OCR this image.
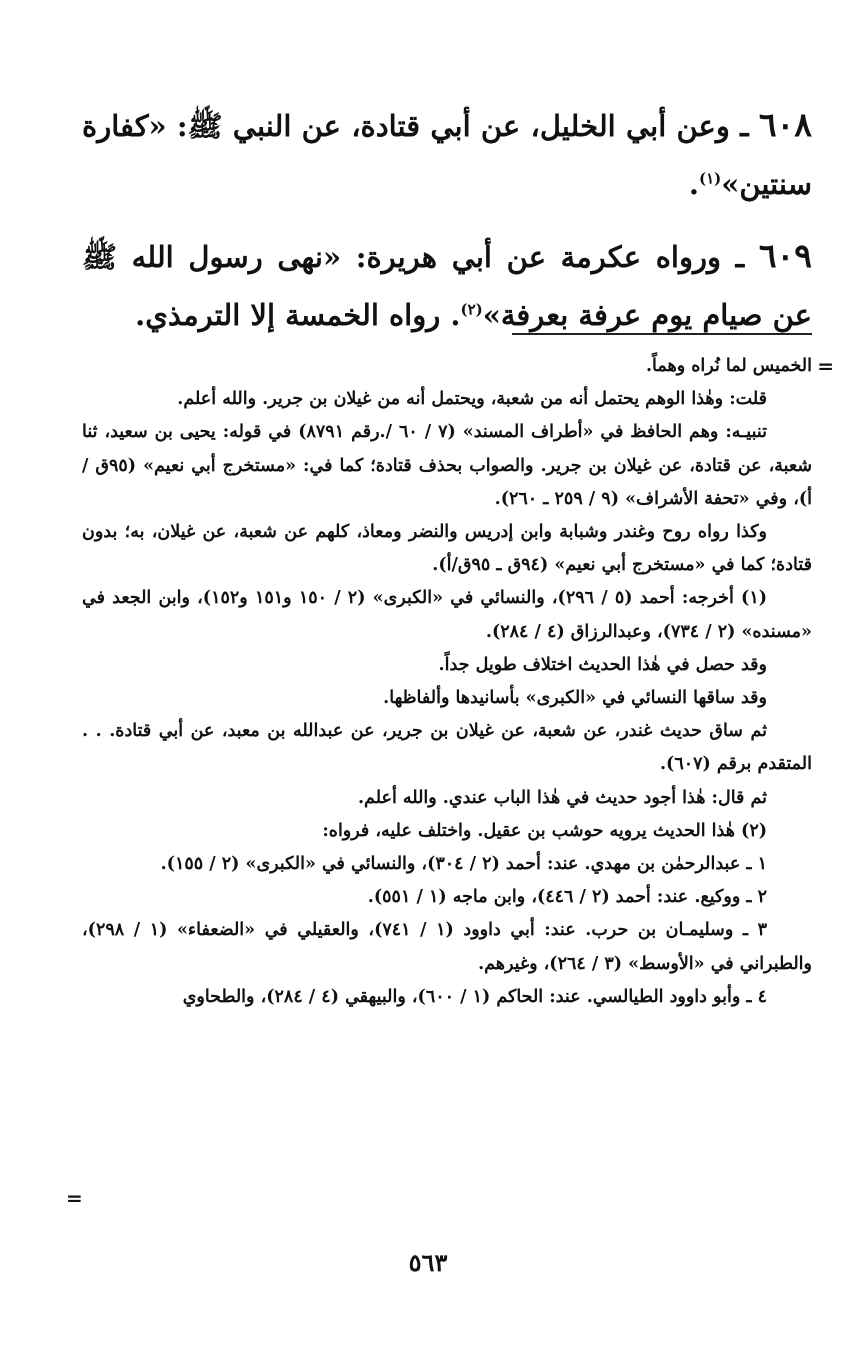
٦٠٨ ـ وعن أبي الخليل، عن أبي قتادة، عن النبي ﷺ: «كفارة سنتين»$^{(١)}$.

٦٠٩ ـ ورواه عكرمة عن أبي هريرة: «نهى رسول الله ﷺ عن صيام يوم عرفة بعرفة»$^{(٢)}$. رواه الخمسة إلا الترمذي.

=

الخميس لما نُراه وهماً.

قلت: وهٰذا الوهم يحتمل أنه من شعبة، ويحتمل أنه من غيلان بن جرير. والله أعلم.

تنبيـه: وهم الحافظ في «أطراف المسند» (٧ / ٦٠ /.رقم ٨٧٩١) في قوله: يحيى بن سعيد، ثنا شعبة، عن قتادة، عن غيلان بن جرير. والصواب بحذف قتادة؛ كما في: «مستخرج أبي نعيم» (٩٥ق / أ)، وفي «تحفة الأشراف» (٩ / ٢٥٩ ـ ٢٦٠).

وكذا رواه روح وغندر وشبابة وابن إدريس والنضر ومعاذ، كلهم عن شعبة، عن غيلان، به؛ بدون قتادة؛ كما في «مستخرج أبي نعيم» (٩٤ق ـ ٩٥ق/أ).

(١) أخرجه: أحمد (٥ / ٢٩٦)، والنسائي في «الكبرى» (٢ / ١٥٠ و١٥١ و١٥٢)، وابن الجعد في «مسنده» (٢ / ٧٣٤)، وعبدالرزاق (٤ / ٢٨٤).

وقد حصل في هٰذا الحديث اختلاف طويل جداً.

وقد ساقها النسائي في «الكبرى» بأسانيدها وألفاظها.

ثم ساق حديث غندر، عن شعبة، عن غيلان بن جرير، عن عبدالله بن معبد، عن أبي قتادة. . . المتقدم برقم (٦٠٧).

ثم قال: هٰذا أجود حديث في هٰذا الباب عندي. والله أعلم.

(٢) هٰذا الحديث يرويه حوشب بن عقيل. واختلف عليه، فرواه:

١ ـ عبدالرحمٰن بن مهدي. عند: أحمد (٢ / ٣٠٤)، والنسائي في «الكبرى» (٢ / ١٥٥).

٢ ـ ووكيع. عند: أحمد (٢ / ٤٤٦)، وابن ماجه (١ / ٥٥١).

٣ ـ وسليمـان بن حرب. عند: أبي داوود (١ / ٧٤١)، والعقيلي في «الضعفاء» (١ / ٢٩٨)، والطبراني في «الأوسط» (٣ / ٢٦٤)، وغيرهم.

٤ ـ وأبو داوود الطيالسي. عند: الحاكم (١ / ٦٠٠)، والبيهقي (٤ / ٢٨٤)، والطحاوي

=
٥٦٣
